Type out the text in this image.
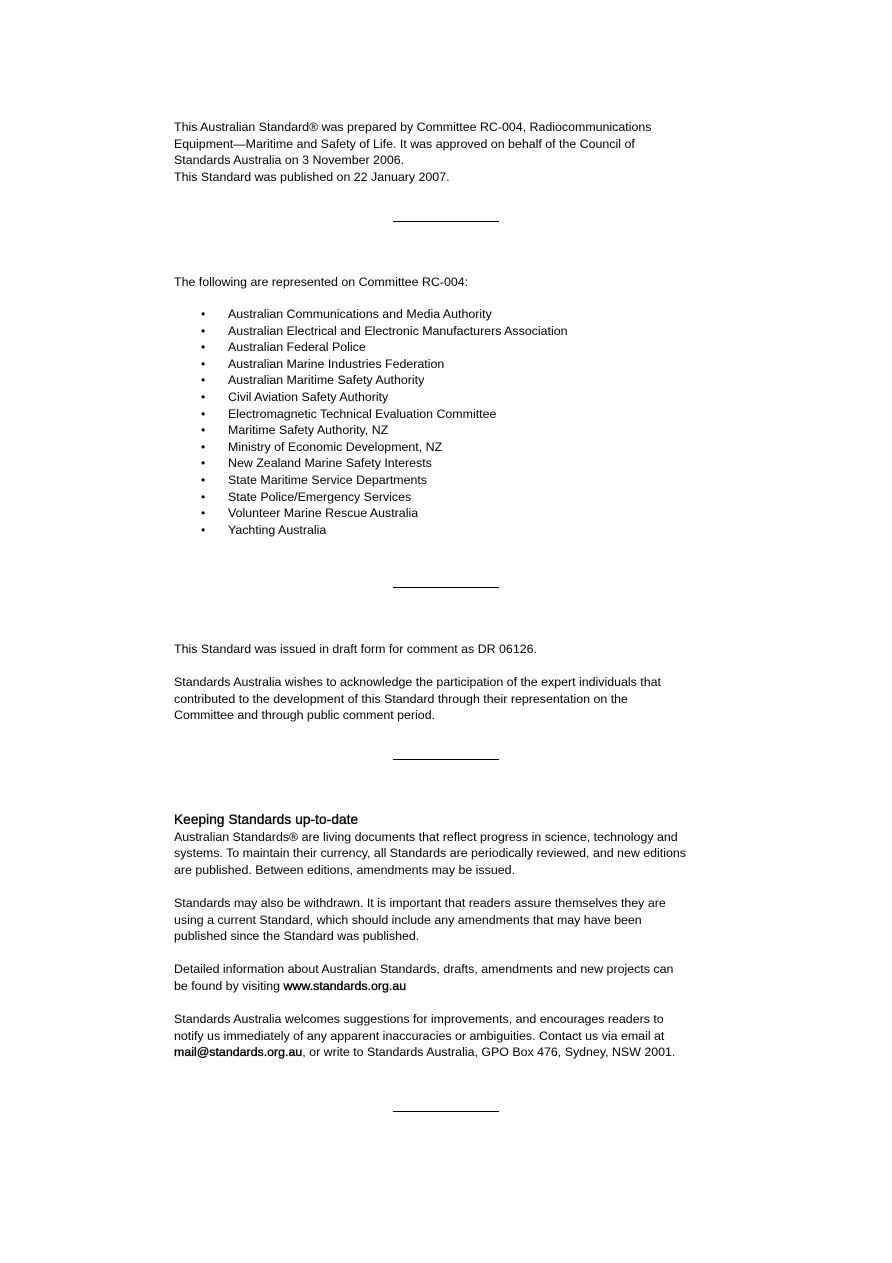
This Australian Standard® was prepared by Committee RC-004, Radiocommunications
Equipment—Maritime and Safety of Life. It was approved on behalf of the Council of
Standards Australia on 3 November 2006.
This Standard was published on 22 January 2007.
The following are represented on Committee RC-004:
• Australian Communications and Media Authority
• Australian Electrical and Electronic Manufacturers Association
• Australian Federal Police
• Australian Marine Industries Federation
• Australian Maritime Safety Authority
• Civil Aviation Safety Authority
• Electromagnetic Technical Evaluation Committee
• Maritime Safety Authority, NZ
• Ministry of Economic Development, NZ
• New Zealand Marine Safety Interests
• State Maritime Service Departments
• State Police/Emergency Services
• Volunteer Marine Rescue Australia
• Yachting Australia
This Standard was issued in draft form for comment as DR 06126.
Standards Australia wishes to acknowledge the participation of the expert individuals that
contributed to the development of this Standard through their representation on the
Committee and through public comment period.
Keeping Standards up-to-date
Australian Standards® are living documents that reflect progress in science, technology and
systems. To maintain their currency, all Standards are periodically reviewed, and new editions
are published. Between editions, amendments may be issued.
Standards may also be withdrawn. It is important that readers assure themselves they are
using a current Standard, which should include any amendments that may have been
published since the Standard was published.
Detailed information about Australian Standards, drafts, amendments and new projects can
be found by visiting www.standards.org.au
Standards Australia welcomes suggestions for improvements, and encourages readers to
notify us immediately of any apparent inaccuracies or ambiguities. Contact us via email at
mail@standards.org.au, or write to Standards Australia, GPO Box 476, Sydney, NSW 2001.
